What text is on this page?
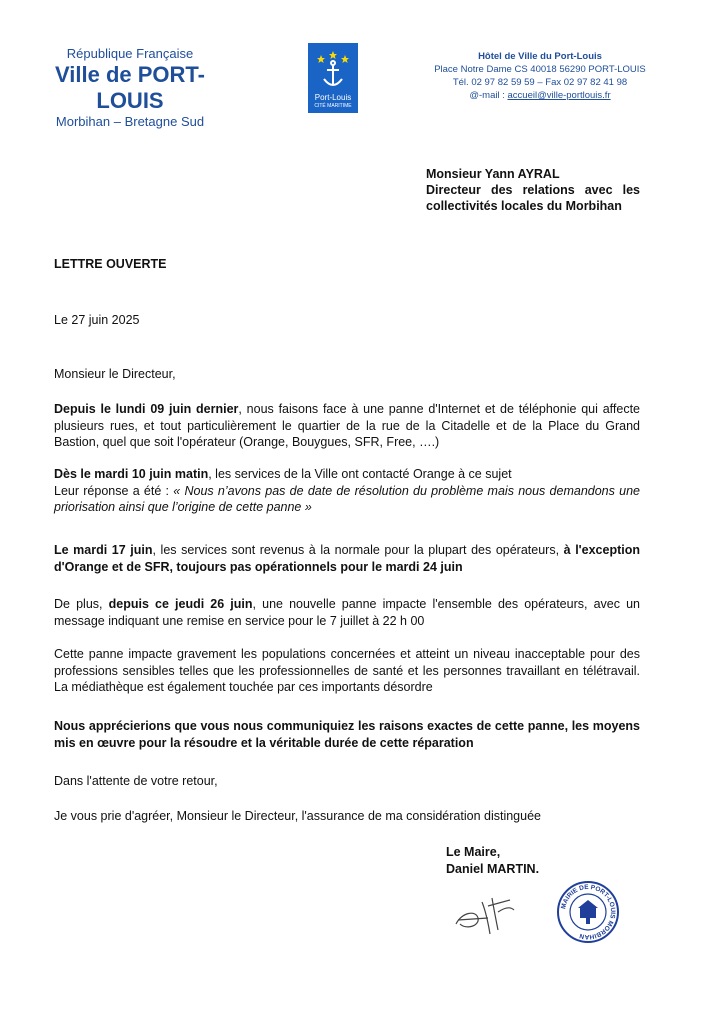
République Française
Ville de PORT-LOUIS
Morbihan – Bretagne Sud
Port-Louis
CITÉ MARITIME
Hôtel de Ville du Port-Louis
Place Notre Dame CS 40018 56290 PORT-LOUIS
Tél. 02 97 82 59 59 – Fax 02 97 82 41 98
@-mail : accueil@ville-portlouis.fr
Monsieur Yann AYRAL
Directeur des relations avec les collectivités locales du Morbihan
LETTRE OUVERTE
Le 27 juin 2025
Monsieur le Directeur,
Depuis le lundi 09 juin dernier, nous faisons face à une panne d'Internet et de téléphonie qui affecte plusieurs rues, et tout particulièrement le quartier de la rue de la Citadelle et de la Place du Grand Bastion, quel que soit l'opérateur (Orange, Bouygues, SFR, Free, ….)
Dès le mardi 10 juin matin, les services de la Ville ont contacté Orange à ce sujet
Leur réponse a été : « Nous n’avons pas de date de résolution du problème mais nous demandons une priorisation ainsi que l’origine de cette panne »
Le mardi 17 juin, les services sont revenus à la normale pour la plupart des opérateurs, à l'exception d'Orange et de SFR, toujours pas opérationnels pour le mardi 24 juin
De plus, depuis ce jeudi 26 juin, une nouvelle panne impacte l'ensemble des opérateurs, avec un message indiquant une remise en service pour le 7 juillet à 22 h 00
Cette panne impacte gravement les populations concernées et atteint un niveau inacceptable pour des professions sensibles telles que les professionnelles de santé et les personnes travaillant en télétravail. La médiathèque est également touchée par ces importants désordre
Nous apprécierions que vous nous communiquiez les raisons exactes de cette panne, les moyens mis en œuvre pour la résoudre et la véritable durée de cette réparation
Dans l'attente de votre retour,
Je vous prie d'agréer, Monsieur le Directeur, l'assurance de ma considération distinguée
Le Maire,
Daniel MARTIN.
MAIRIE DE PORT-LOUIS MORBIHAN
